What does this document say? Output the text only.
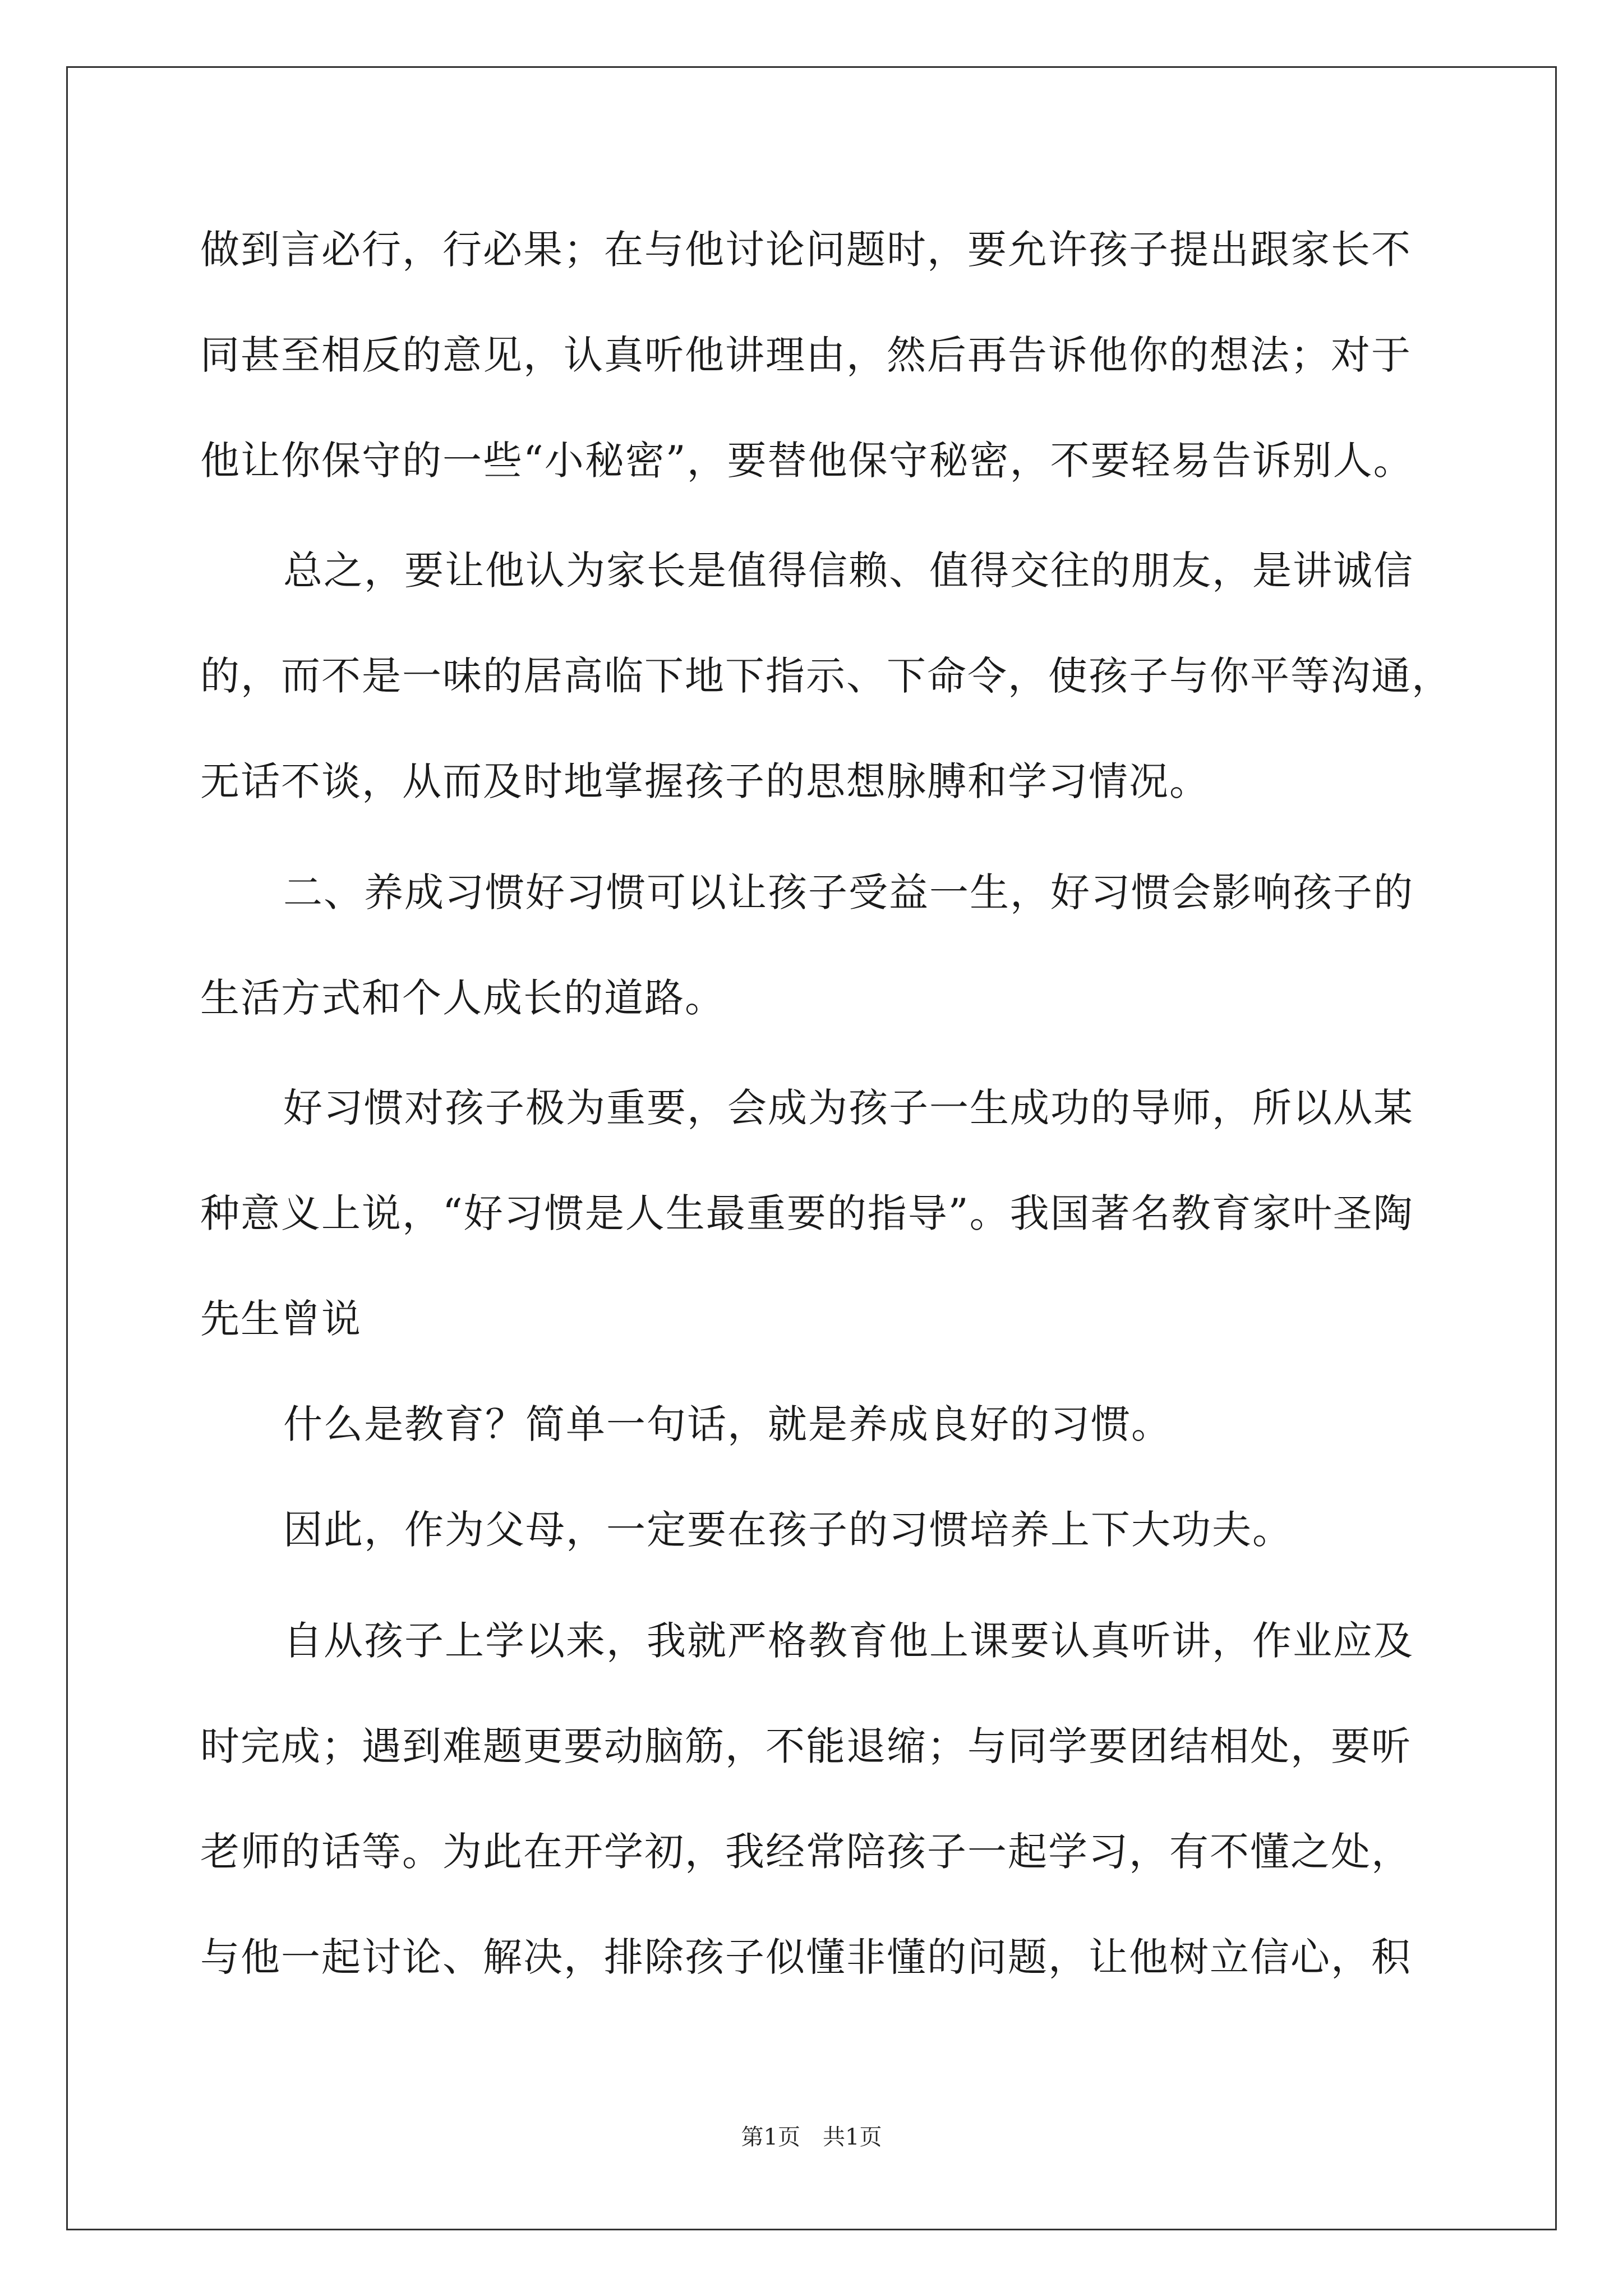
做到言必行，行必果；在与他讨论问题时，要允许孩子提出跟家长不
同甚至相反的意见，认真听他讲理由，然后再告诉他你的想法；对于
他让你保守的一些“小秘密”，要替他保守秘密，不要轻易告诉别人。
总之，要让他认为家长是值得信赖、值得交往的朋友，是讲诚信
的，而不是一味的居高临下地下指示、下命令，使孩子与你平等沟通，
无话不谈，从而及时地掌握孩子的思想脉膊和学习情况。
二、养成习惯好习惯可以让孩子受益一生，好习惯会影响孩子的
生活方式和个人成长的道路。
好习惯对孩子极为重要，会成为孩子一生成功的导师，所以从某
种意义上说，“好习惯是人生最重要的指导”。我国著名教育家叶圣陶
先生曾说
什么是教育？简单一句话，就是养成良好的习惯。
因此，作为父母，一定要在孩子的习惯培养上下大功夫。
自从孩子上学以来，我就严格教育他上课要认真听讲，作业应及
时完成；遇到难题更要动脑筋，不能退缩；与同学要团结相处，要听
老师的话等。为此在开学初，我经常陪孩子一起学习，有不懂之处，
与他一起讨论、解决，排除孩子似懂非懂的问题，让他树立信心，积
第1页 共1页
